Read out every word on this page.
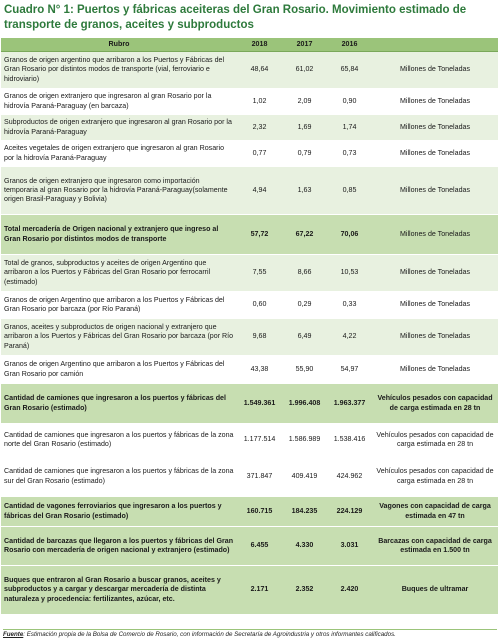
Cuadro N° 1: Puertos y fábricas aceiteras del Gran Rosario. Movimiento estimado de transporte de granos, aceites y subproductos
Rubro	2018	2017	2016	
Granos de origen argentino que arribaron a los Puertos y Fábricas del Gran Rosario por distintos modos de transporte (vial, ferroviario e hidroviario)	48,64	61,02	65,84	Millones de Toneladas
Granos de origen extranjero que ingresaron al gran Rosario por la hidrovía Paraná-Paraguay (en barcaza)	1,02	2,09	0,90	Millones de Toneladas
Subproductos de origen extranjero que ingresaron al gran Rosario por la hidrovía Paraná-Paraguay	2,32	1,69	1,74	Millones de Toneladas
Aceites vegetales de origen extranjero que ingresaron al gran Rosario por la hidrovía Paraná-Paraguay	0,77	0,79	0,73	Millones de Toneladas
Granos de origen extranjero que ingresaron como importación temporaria al gran Rosario por la hidrovía Paraná-Paraguay(solamente origen Brasil-Paraguay y Bolivia)	4,94	1,63	0,85	Millones de Toneladas
Total mercadería de Origen nacional y extranjero que ingreso al Gran Rosario por distintos modos de transporte	57,72	67,22	70,06	Millones de Toneladas
Total de granos, subproductos y aceites de origen Argentino que arribaron a los Puertos y Fábricas del Gran Rosario por ferrocarril (estimado)	7,55	8,66	10,53	Millones de Toneladas
Granos de origen Argentino que arribaron a los Puertos y Fábricas del Gran Rosario por barcaza (por Río Paraná)	0,60	0,29	0,33	Millones de Toneladas
Granos, aceites y subproductos de origen nacional y extranjero que arribaron a los Puertos y Fábricas del Gran Rosario por barcaza (por Río Paraná)	9,68	6,49	4,22	Millones de Toneladas
Granos de origen Argentino que arribaron a los Puertos y Fábricas del Gran Rosario por camión	43,38	55,90	54,97	Millones de Toneladas
Cantidad de camiones que ingresaron a los puertos y fábricas del Gran Rosario (estimado)	1.549.361	1.996.408	1.963.377	Vehículos pesados con capacidad de carga estimada en 28 tn
Cantidad de camiones que ingresaron a los puertos y fábricas de la zona norte del Gran Rosario (estimado)	1.177.514	1.586.989	1.538.416	Vehículos pesados con capacidad de carga estimada en 28 tn
Cantidad de camiones que ingresaron a los puertos y fábricas de la zona sur del Gran Rosario (estimado)	371.847	409.419	424.962	Vehículos pesados con capacidad de carga estimada en 28 tn
Cantidad de vagones ferroviarios que ingresaron a los puertos y fábricas del Gran Rosario (estimado)	160.715	184.235	224.129	Vagones con capacidad de carga estimada en 47 tn
Cantidad de barcazas que llegaron a los puertos y fábricas del Gran Rosario con mercadería de origen nacional y extranjero (estimado)	6.455	4.330	3.031	Barcazas con capacidad de carga estimada en 1.500 tn
Buques que entraron al Gran Rosario a buscar granos, aceites y subproductos y a cargar y descargar mercadería de distinta naturaleza y procedencia: fertilizantes, azúcar, etc.	2.171	2.352	2.420	Buques de ultramar
Fuente: Estimación propia de la Bolsa de Comercio de Rosario, con información de Secretaría de Agroindustria y otros informantes calificados.
